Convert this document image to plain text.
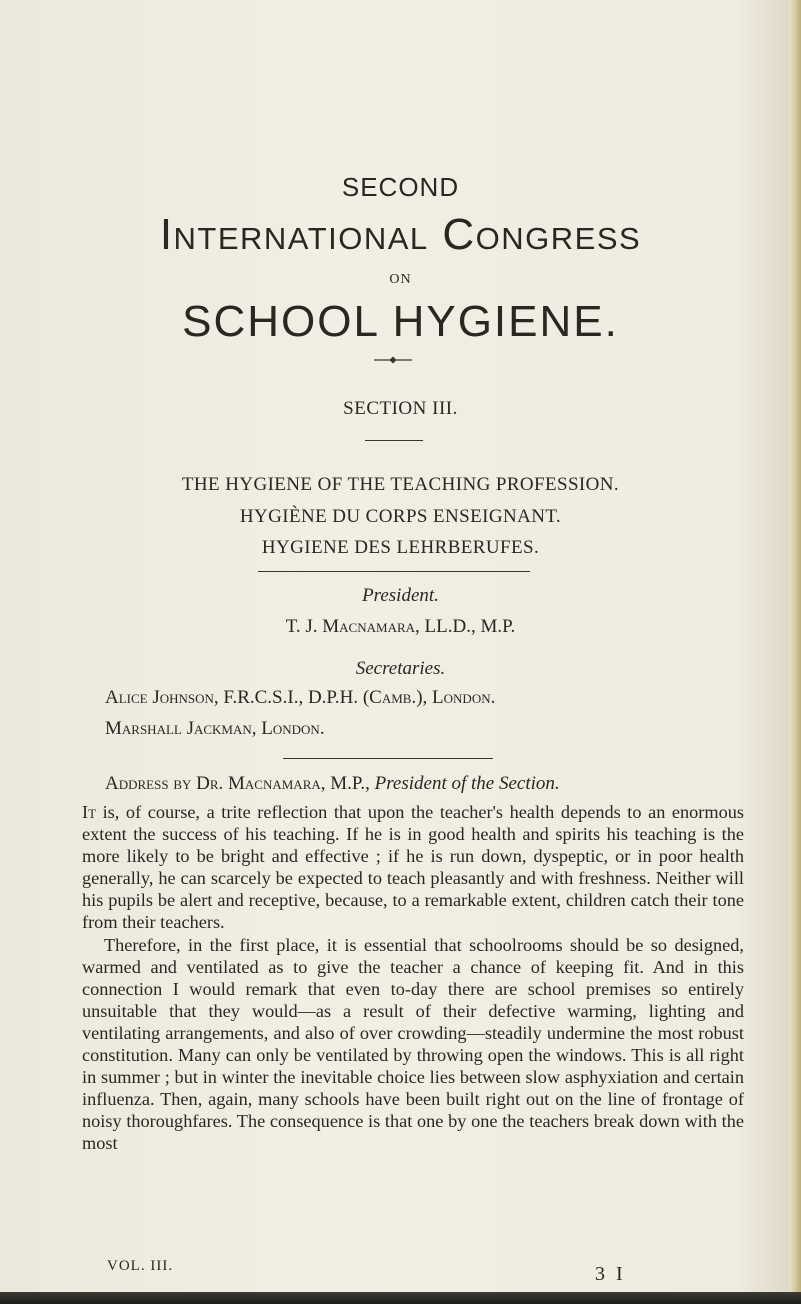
SECOND
International Congress
ON
SCHOOL HYGIENE.
SECTION III.
THE HYGIENE OF THE TEACHING PROFESSION.
HYGIÈNE DU CORPS ENSEIGNANT.
HYGIENE DES LEHRBERUFES.
President.
T. J. Macnamara, LL.D., M.P.
Secretaries.
Alice Johnson, F.R.C.S.I., D.P.H. (Camb.), London.
Marshall Jackman, London.
Address by Dr. Macnamara, M.P., President of the Section.

It is, of course, a trite reflection that upon the teacher's health depends to an enormous extent the success of his teaching. If he is in good health and spirits his teaching is the more likely to be bright and effective ; if he is run down, dyspeptic, or in poor health generally, he can scarcely be expected to teach pleasantly and with freshness. Neither will his pupils be alert and receptive, because, to a remarkable extent, children catch their tone from their teachers.

Therefore, in the first place, it is essential that schoolrooms should be so designed, warmed and ventilated as to give the teacher a chance of keeping fit. And in this connection I would remark that even to-day there are school premises so entirely unsuitable that they would—as a result of their defective warming, lighting and ventilating arrangements, and also of over crowding—steadily undermine the most robust constitution. Many can only be ventilated by throwing open the windows. This is all right in summer ; but in winter the inevitable choice lies between slow asphyxiation and certain influenza. Then, again, many schools have been built right out on the line of frontage of noisy thoroughfares. The consequence is that one by one the teachers break down with the most

VOL. III.	3 I
